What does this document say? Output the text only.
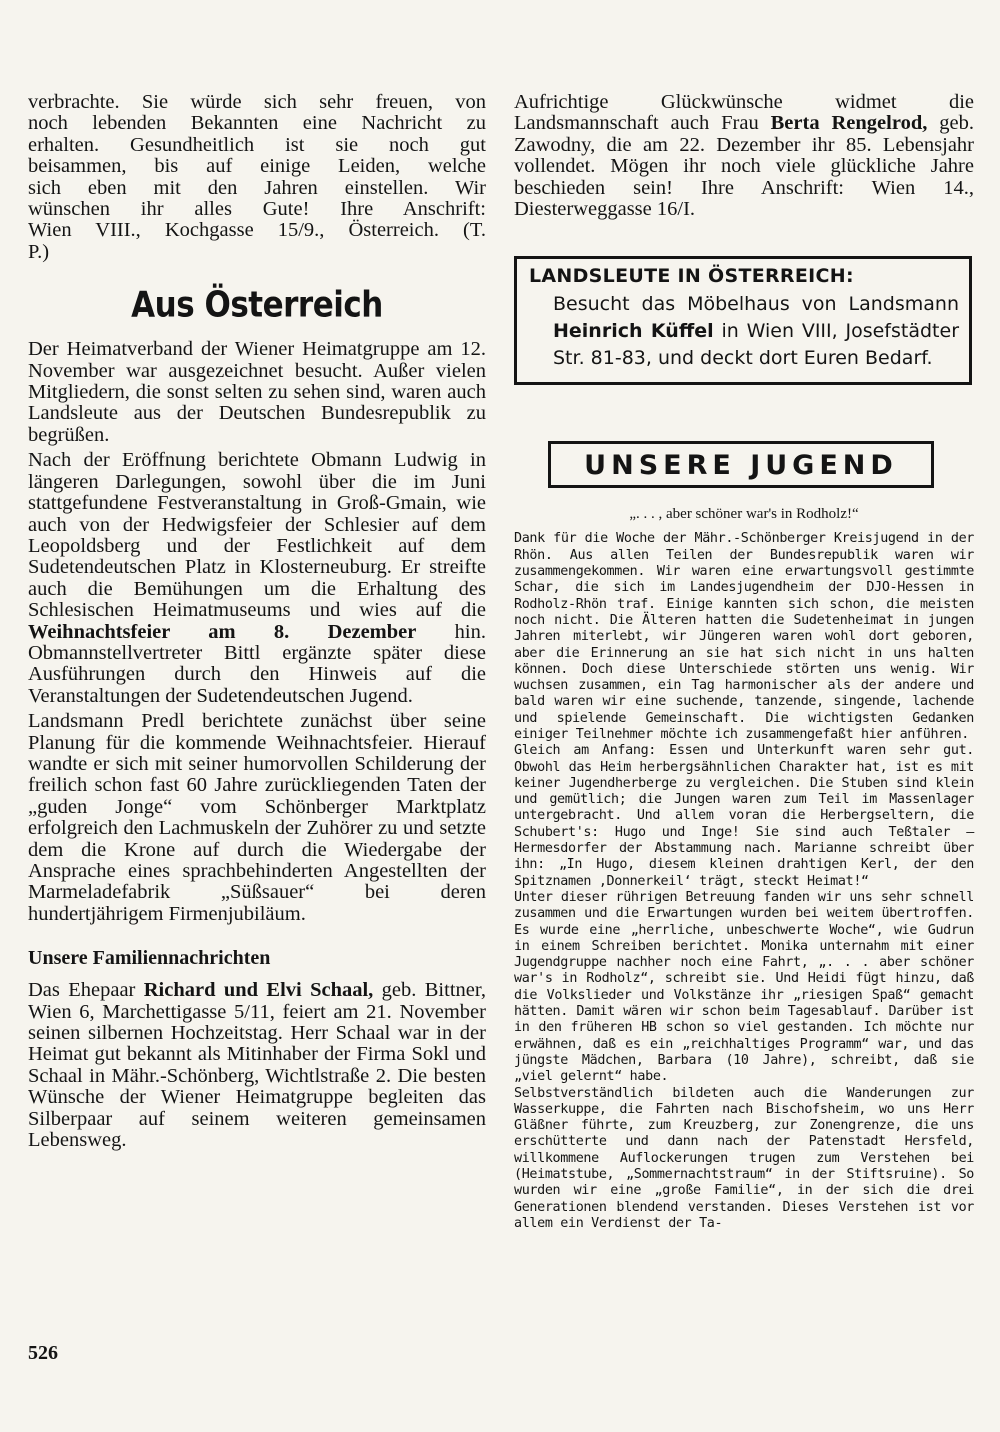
verbrachte. Sie würde sich sehr freuen, von

noch lebenden Bekannten eine Nachricht zu

erhalten. Gesundheitlich ist sie noch gut

beisammen, bis auf einige Leiden, welche

sich eben mit den Jahren einstellen. Wir

wünschen ihr alles Gute! Ihre Anschrift:

Wien VIII., Kochgasse 15/9., Österreich. (T.

P.)

Aus Österreich

Der Heimatverband der Wiener Heimatgruppe am 12. November war ausgezeichnet besucht. Außer vielen Mitgliedern, die sonst selten zu sehen sind, waren auch Landsleute aus der Deutschen Bundesrepublik zu begrüßen.

Nach der Eröffnung berichtete Obmann Ludwig in längeren Darlegungen, sowohl über die im Juni stattgefundene Festveranstaltung in Groß-Gmain, wie auch von der Hedwigsfeier der Schlesier auf dem Leopoldsberg und der Festlichkeit auf dem Sudetendeutschen Platz in Klosterneuburg. Er streifte auch die Bemühungen um die Erhaltung des Schlesischen Heimatmuseums und wies auf die Weihnachtsfeier am 8. Dezember hin. Obmannstellvertreter Bittl ergänzte später diese Ausführungen durch den Hinweis auf die Veranstaltungen der Sudetendeutschen Jugend.

Landsmann Predl berichtete zunächst über seine Planung für die kommende Weihnachtsfeier. Hierauf wandte er sich mit seiner humorvollen Schilderung der freilich schon fast 60 Jahre zurückliegenden Taten der „guden Jonge“ vom Schönberger Marktplatz erfolgreich den Lachmuskeln der Zuhörer zu und setzte dem die Krone auf durch die Wiedergabe der Ansprache eines sprachbehinderten Angestellten der Marmeladefabrik „Süßsauer“ bei deren hundertjährigem Firmenjubiläum.

Unsere Familiennachrichten

Das Ehepaar Richard und Elvi Schaal, geb. Bittner, Wien 6, Marchettigasse 5/11, feiert am 21. November seinen silbernen Hochzeitstag. Herr Schaal war in der Heimat gut bekannt als Mitinhaber der Firma Sokl und Schaal in Mähr.-Schönberg, Wichtlstraße 2. Die besten Wünsche der Wiener Heimatgruppe begleiten das Silberpaar auf seinem weiteren gemeinsamen Lebensweg.

Aufrichtige Glückwünsche widmet die Landsmannschaft auch Frau Berta Rengelrod, geb. Zawodny, die am 22. Dezember ihr 85. Lebensjahr vollendet. Mögen ihr noch viele glückliche Jahre beschieden sein! Ihre Anschrift: Wien 14., Diesterweggasse 16/I.

LANDSLEUTE IN ÖSTERREICH:
Besucht das Möbelhaus von Landsmann Heinrich Küffel in Wien VIII, Josefstädter Str. 81-83, und deckt dort Euren Bedarf.
UNSERE JUGEND
„. . . , aber schöner war's in Rodholz!“

Dank für die Woche der Mähr.-Schönberger Kreisjugend in der Rhön. Aus allen Teilen der Bundesrepublik waren wir zusammengekommen. Wir waren eine erwartungsvoll gestimmte Schar, die sich im Landesjugendheim der DJO-Hessen in Rodholz-Rhön traf. Einige kannten sich schon, die meisten noch nicht. Die Älteren hatten die Sudetenheimat in jungen Jahren miterlebt, wir Jüngeren waren wohl dort geboren, aber die Erinnerung an sie hat sich nicht in uns halten können. Doch diese Unterschiede störten uns wenig. Wir wuchsen zusammen, ein Tag harmonischer als der andere und bald waren wir eine suchende, tanzende, singende, lachende und spielende Gemeinschaft. Die wichtigsten Gedanken einiger Teilnehmer möchte ich zusammengefaßt hier anführen.

Gleich am Anfang: Essen und Unterkunft waren sehr gut. Obwohl das Heim herbergsähnlichen Charakter hat, ist es mit keiner Jugendherberge zu vergleichen. Die Stuben sind klein und gemütlich; die Jungen waren zum Teil im Massenlager untergebracht. Und allem voran die Herbergseltern, die Schubert's: Hugo und Inge! Sie sind auch Teßtaler — Hermesdorfer der Abstammung nach. Marianne schreibt über ihn: „In Hugo, diesem kleinen drahtigen Kerl, der den Spitznamen ‚Donnerkeil‘ trägt, steckt Heimat!“

Unter dieser rührigen Betreuung fanden wir uns sehr schnell zusammen und die Erwartungen wurden bei weitem übertroffen. Es wurde eine „herrliche, unbeschwerte Woche“, wie Gudrun in einem Schreiben berichtet. Monika unternahm mit einer Jugendgruppe nachher noch eine Fahrt, „. . . aber schöner war's in Rodholz“, schreibt sie. Und Heidi fügt hinzu, daß die Volkslieder und Volkstänze ihr „riesigen Spaß“ gemacht hätten. Damit wären wir schon beim Tagesablauf. Darüber ist in den früheren HB schon so viel gestanden. Ich möchte nur erwähnen, daß es ein „reichhaltiges Programm“ war, und das jüngste Mädchen, Barbara (10 Jahre), schreibt, daß sie „viel gelernt“ habe.

Selbstverständlich bildeten auch die Wanderungen zur Wasserkuppe, die Fahrten nach Bischofsheim, wo uns Herr Gläßner führte, zum Kreuzberg, zur Zonengrenze, die uns erschütterte und dann nach der Patenstadt Hersfeld, willkommene Auflockerungen trugen zum Verstehen bei (Heimatstube, „Sommernachtstraum“ in der Stiftsruine). So wurden wir eine „große Familie“, in der sich die drei Generationen blendend verstanden. Dieses Verstehen ist vor allem ein Verdienst der Ta-

526
